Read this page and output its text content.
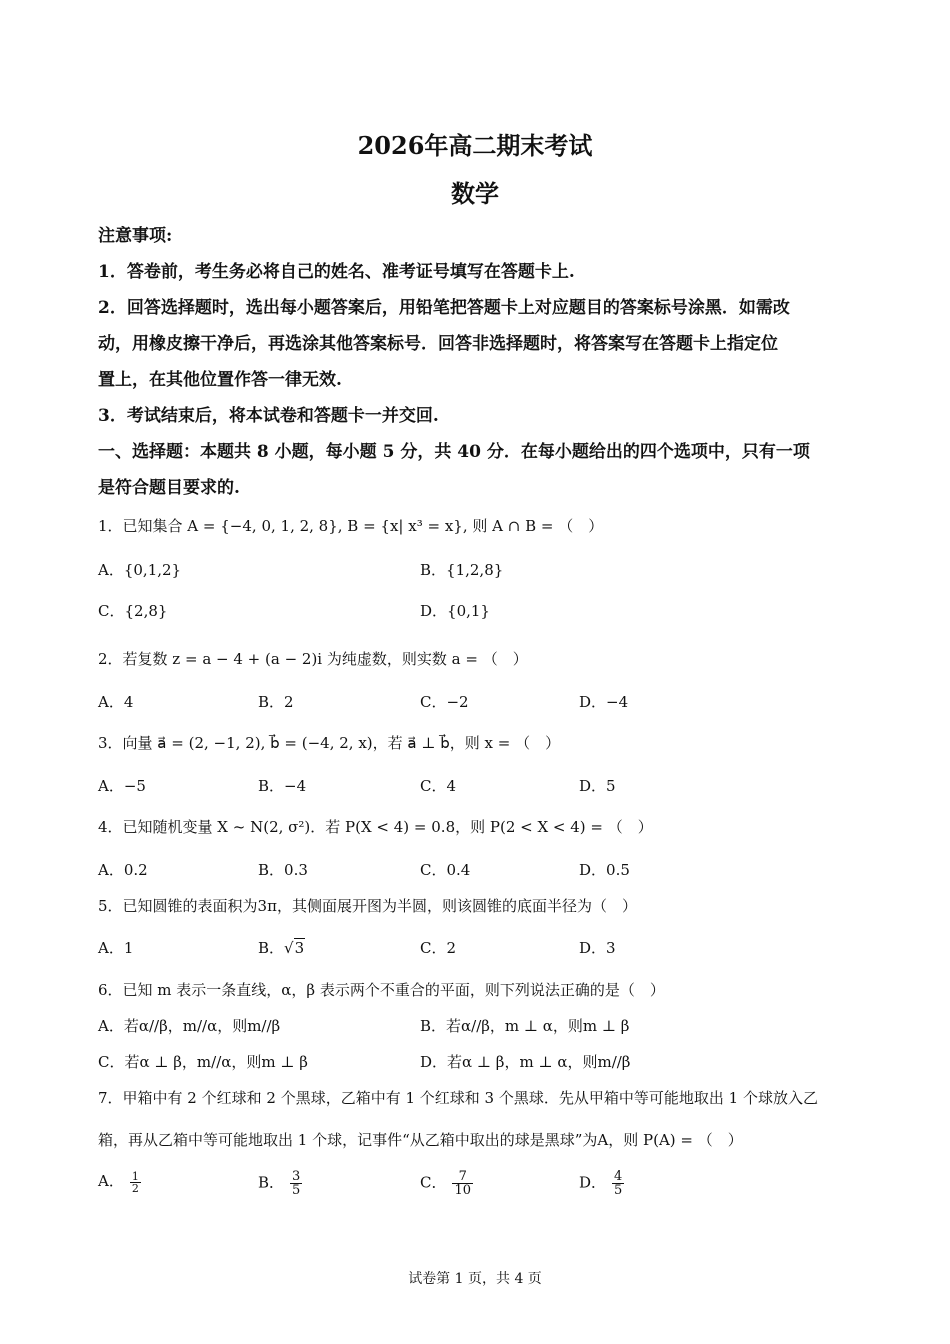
2026年高二期末考试
数学
注意事项:
1．答卷前，考生务必将自己的姓名、准考证号填写在答题卡上.
2．回答选择题时，选出每小题答案后，用铅笔把答题卡上对应题目的答案标号涂黑．如需改
动，用橡皮擦干净后，再选涂其他答案标号．回答非选择题时，将答案写在答题卡上指定位
置上，在其他位置作答一律无效.
3．考试结束后，将本试卷和答题卡一并交回.
一、选择题：本题共 8 小题，每小题 5 分，共 40 分．在每小题给出的四个选项中，只有一项
是符合题目要求的.
1．已知集合 A = {−4, 0, 1, 2, 8}, B = {x| x³ = x}, 则 A ∩ B = （　）
A．{0,1,2}	B．{1,2,8}
C．{2,8}	D．{0,1}
2．若复数 z = a − 4 + (a − 2)i 为纯虚数，则实数 a = （　）
A．4	B．2	C．−2	D．−4
3．向量 a⃗ = (2, −1, 2), b⃗ = (−4, 2, x)，若 a⃗ ⊥ b⃗，则 x = （　）
A．−5	B．−4	C．4	D．5
4．已知随机变量 X ~ N(2, σ²)．若 P(X < 4) = 0.8，则 P(2 < X < 4) = （　）
A．0.2	B．0.3	C．0.4	D．0.5
5．已知圆锥的表面积为3π，其侧面展开图为半圆，则该圆锥的底面半径为（　）
A．1	B．√3	C．2	D．3
6．已知 m 表示一条直线，α，β 表示两个不重合的平面，则下列说法正确的是（　）
A．若α//β，m//α，则m//β	B．若α//β，m ⊥ α，则m ⊥ β
C．若α ⊥ β，m//α，则m ⊥ β	D．若α ⊥ β，m ⊥ α，则m//β
7．甲箱中有 2 个红球和 2 个黑球，乙箱中有 1 个红球和 3 个黑球．先从甲箱中等可能地取出 1 个球放入乙
箱，再从乙箱中等可能地取出 1 个球，记事件“从乙箱中取出的球是黑球”为A，则 P(A) = （　）
A． $\frac{1}{2}$	B． $\frac{3}{5}$	C． $\frac{7}{10}$	D． $\frac{4}{5}$
试卷第 1 页，共 4 页
